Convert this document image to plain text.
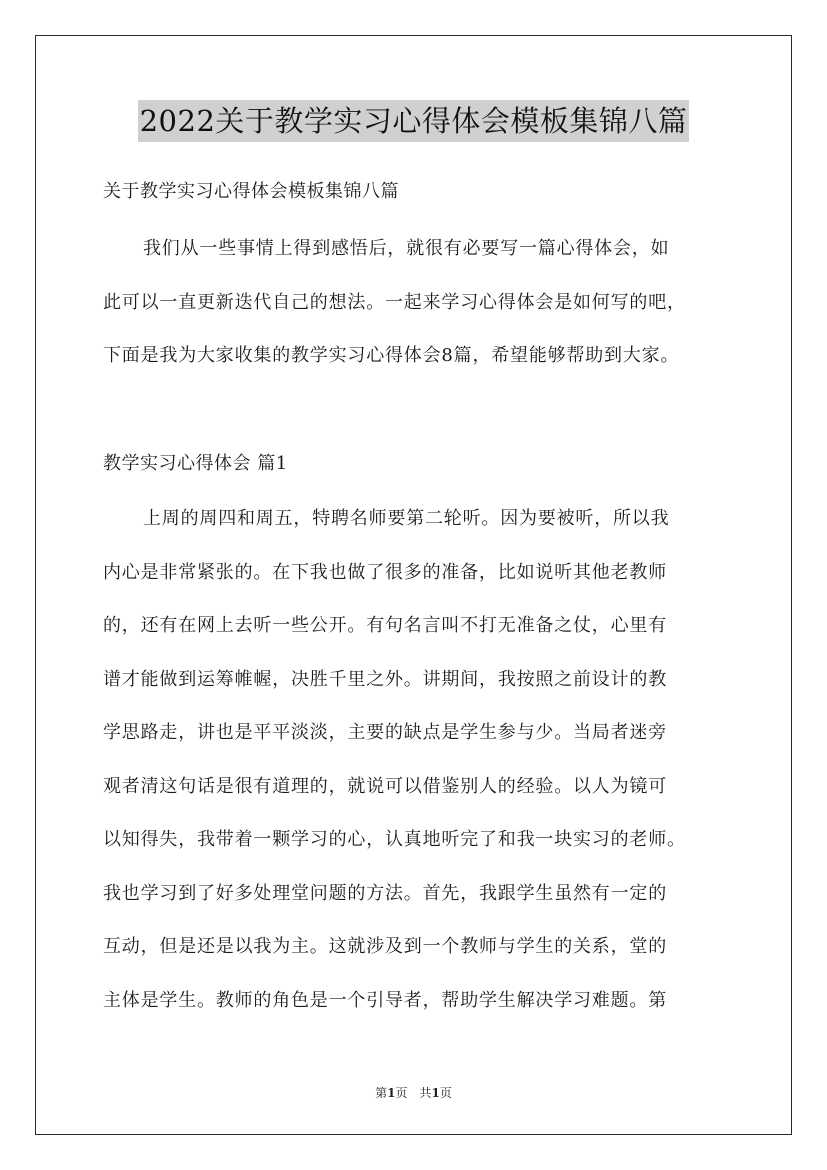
2022关于教学实习心得体会模板集锦八篇
关于教学实习心得体会模板集锦八篇
我们从一些事情上得到感悟后，就很有必要写一篇心得体会，如
此可以一直更新迭代自己的想法。一起来学习心得体会是如何写的吧，
下面是我为大家收集的教学实习心得体会8篇，希望能够帮助到大家。
教学实习心得体会 篇1
上周的周四和周五，特聘名师要第二轮听。因为要被听，所以我
内心是非常紧张的。在下我也做了很多的准备，比如说听其他老教师
的，还有在网上去听一些公开。有句名言叫不打无准备之仗，心里有
谱才能做到运筹帷幄，决胜千里之外。讲期间，我按照之前设计的教
学思路走，讲也是平平淡淡，主要的缺点是学生参与少。当局者迷旁
观者清这句话是很有道理的，就说可以借鉴别人的经验。以人为镜可
以知得失，我带着一颗学习的心，认真地听完了和我一块实习的老师。
我也学习到了好多处理堂问题的方法。首先，我跟学生虽然有一定的
互动，但是还是以我为主。这就涉及到一个教师与学生的关系，堂的
主体是学生。教师的角色是一个引导者，帮助学生解决学习难题。第
第1页　共1页
